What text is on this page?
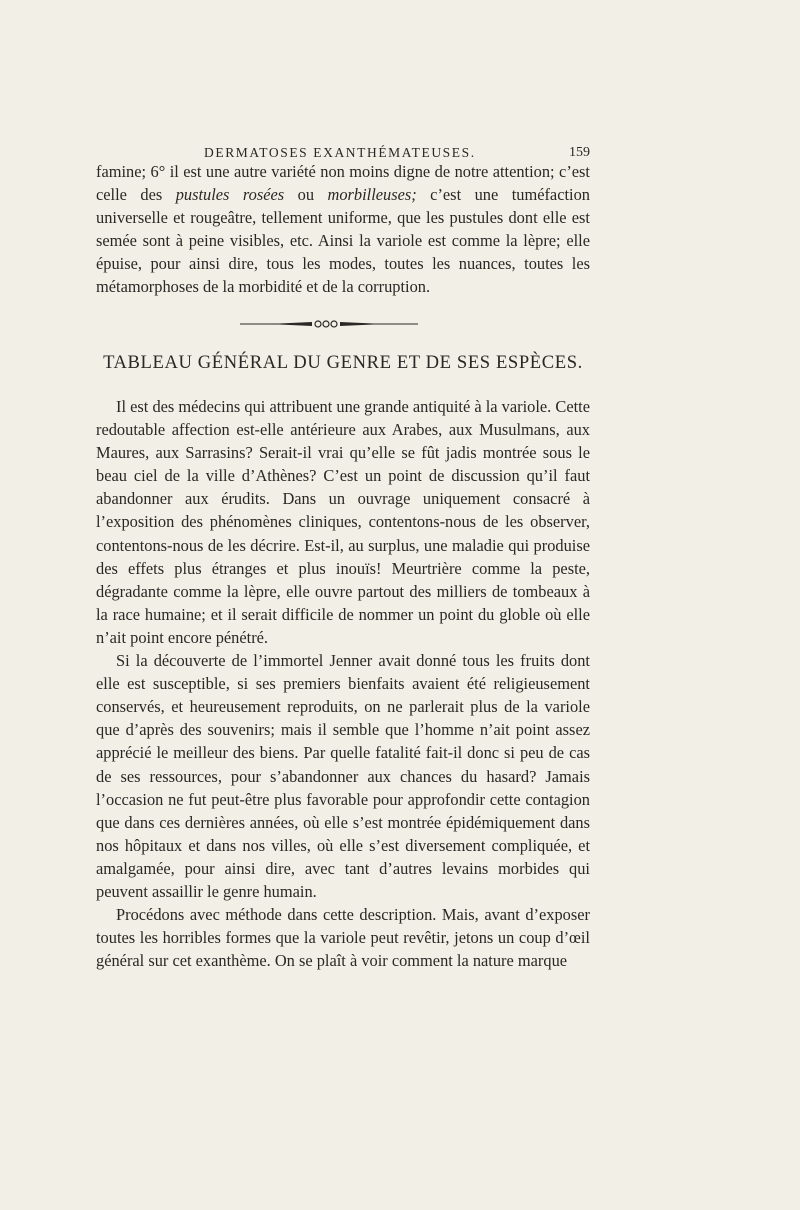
DERMATOSES EXANTHÉMATEUSES.	159

famine; 6° il est une autre variété non moins digne de notre attention; c’est celle des pustules rosées ou morbilleuses; c’est une tuméfaction universelle et rougeâtre, tellement uniforme, que les pustules dont elle est semée sont à peine visibles, etc. Ainsi la variole est comme la lèpre; elle épuise, pour ainsi dire, tous les modes, toutes les nuances, toutes les métamorphoses de la morbidité et de la corruption.

TABLEAU GÉNÉRAL DU GENRE ET DE SES ESPÈCES.

Il est des médecins qui attribuent une grande antiquité à la variole. Cette redoutable affection est-elle antérieure aux Arabes, aux Musulmans, aux Maures, aux Sarrasins? Serait-il vrai qu’elle se fût jadis montrée sous le beau ciel de la ville d’Athènes? C’est un point de discussion qu’il faut abandonner aux érudits. Dans un ouvrage uniquement consacré à l’exposition des phénomènes cliniques, contentons-nous de les observer, contentons-nous de les décrire. Est-il, au surplus, une maladie qui produise des effets plus étranges et plus inouïs! Meurtrière comme la peste, dégradante comme la lèpre, elle ouvre partout des milliers de tombeaux à la race humaine; et il serait difficile de nommer un point du globle où elle n’ait point encore pénétré.

Si la découverte de l’immortel Jenner avait donné tous les fruits dont elle est susceptible, si ses premiers bienfaits avaient été religieusement conservés, et heureusement reproduits, on ne parlerait plus de la variole que d’après des souvenirs; mais il semble que l’homme n’ait point assez apprécié le meilleur des biens. Par quelle fatalité fait-il donc si peu de cas de ses ressources, pour s’abandonner aux chances du hasard? Jamais l’occasion ne fut peut-être plus favorable pour approfondir cette contagion que dans ces dernières années, où elle s’est montrée épidémiquement dans nos hôpitaux et dans nos villes, où elle s’est diversement compliquée, et amalgamée, pour ainsi dire, avec tant d’autres levains morbides qui peuvent assaillir le genre humain.

Procédons avec méthode dans cette description. Mais, avant d’exposer toutes les horribles formes que la variole peut revêtir, jetons un coup d’œil général sur cet exanthème. On se plaît à voir comment la nature marque
